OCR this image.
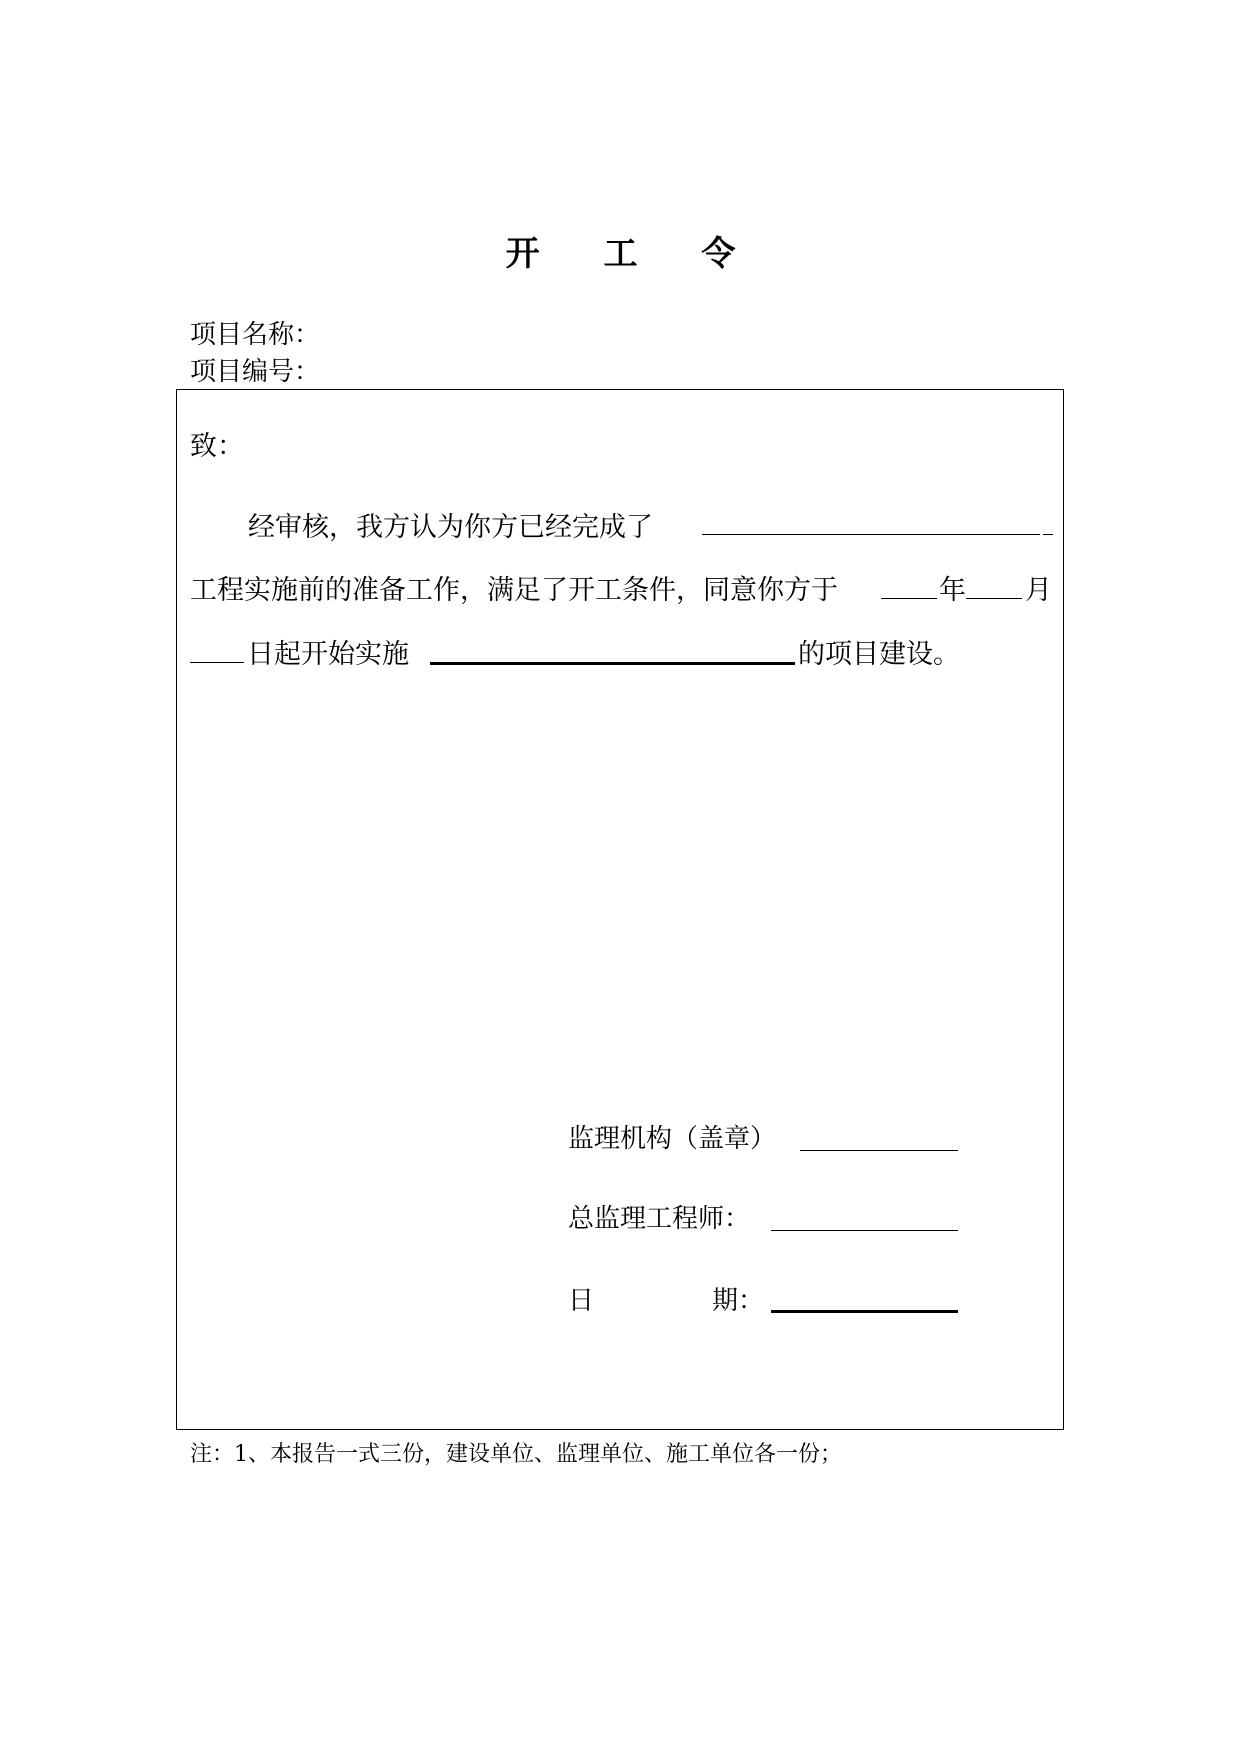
开 工 令
项目名称：
项目编号：
致：
经审核，我方认为你方已经完成了
工程实施前的准备工作，满足了开工条件，同意你方于	年 月
日起开始实施	的项目建设。
监理机构（盖章）
总监理工程师：
日	期：
注：1、本报告一式三份，建设单位、监理单位、施工单位各一份；
